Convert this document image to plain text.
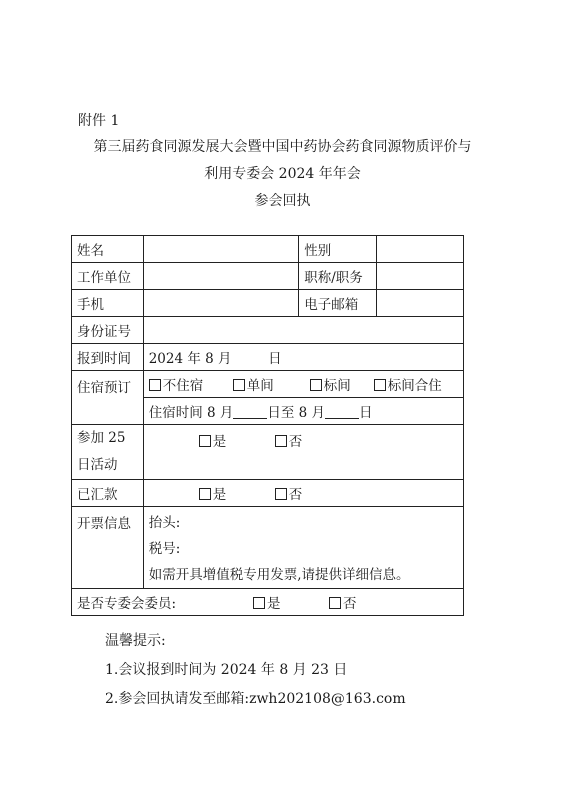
附件 1
第三届药食同源发展大会暨中国中药协会药食同源物质评价与
利用专委会 2024 年年会
参会回执
姓名		性别	
工作单位		职称/职务	
手机		电子邮箱	
身份证号			
报到时间	2024 年 8 月 日		
住宿预订	不住宿 单间 标间 标间合住		
	住宿时间 8 月 日至 8 月 日		
参加 25
日活动	是 否		
已汇款	是 否		
开票信息	抬头:
税号:
如需开具增值税专用发票,请提供详细信息。		

是否专委会委员: 是 否			
温馨提示:
1.会议报到时间为 2024 年 8 月 23 日
2.参会回执请发至邮箱:zwh202108@163.com
